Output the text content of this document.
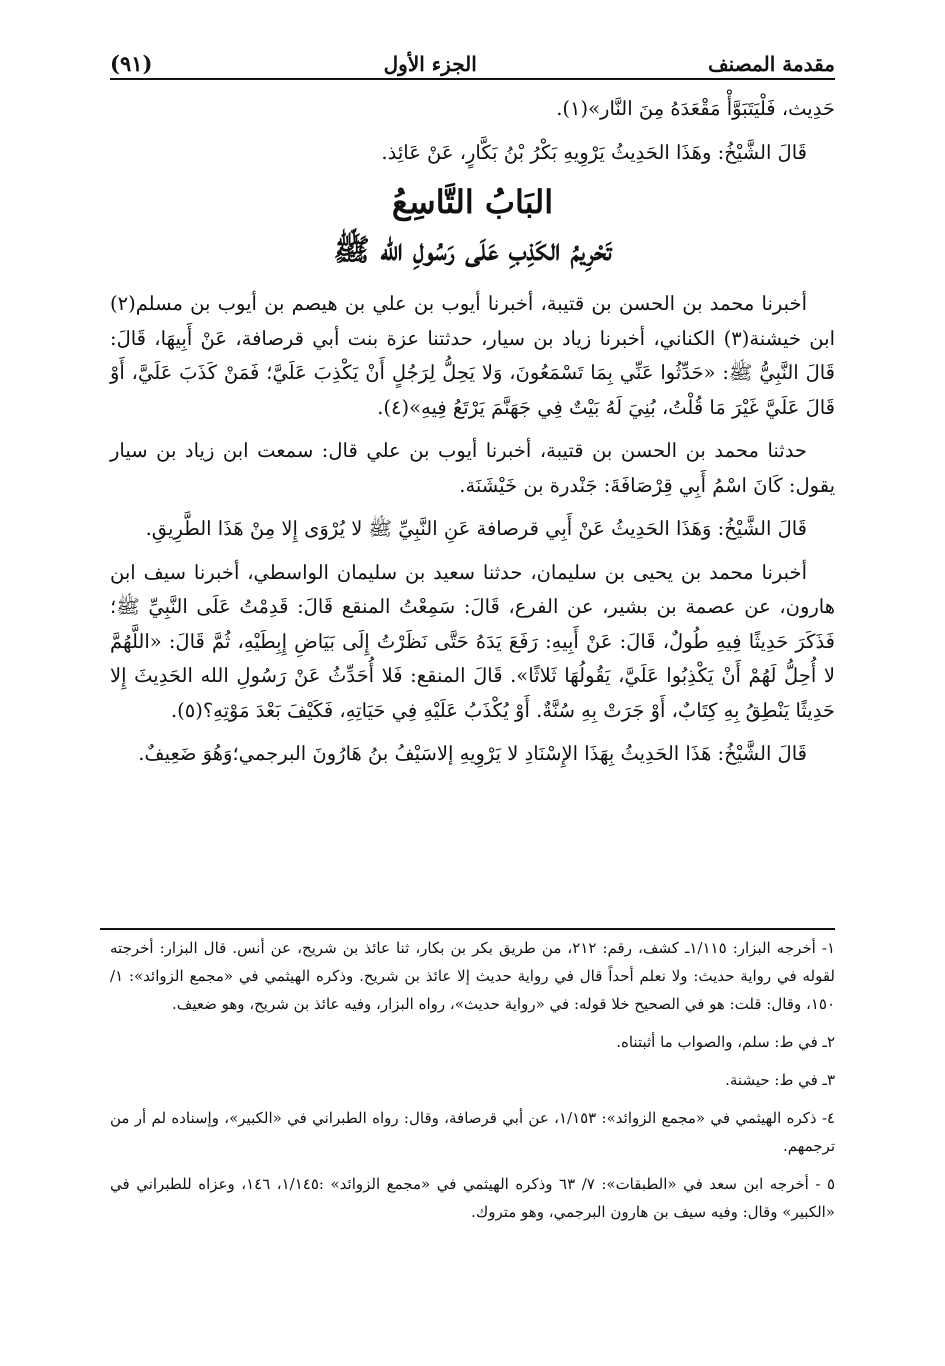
مقدمة المصنف
الجزء الأول
(٩١)

حَدِيث، فَلْيَتَبَوَّأْ مَقْعَدَهُ مِنَ النَّار»(١).

قَالَ الشَّيْخُ: وهَذَا الحَدِيثُ يَرْوِيهِ بَكْرُ بْنُ بَكَّارٍ، عَنْ عَائِذ.

البَابُ التَّاسِعُ
تَحْرِيمُ الكَذِبِ عَلَى رَسُولِ الله ﷺ

أخبرنا محمد بن الحسن بن قتيبة، أخبرنا أيوب بن علي بن هيصم بن أيوب بن مسلم(٢) ابن خيشنة(٣) الكناني، أخبرنا زياد بن سيار، حدثتنا عزة بنت أبي قرصافة، عَنْ أَبِيهَا، قَالَ: قَالَ النَّبِيُّ ﷺ: «حَدِّثُوا عَنِّي بِمَا تَسْمَعُونَ، وَلا يَحِلُّ لِرَجُلٍ أَنْ يَكْذِبَ عَلَيَّ؛ فَمَنْ كَذَبَ عَلَيَّ، أَوْ قَالَ عَلَيَّ غَيْرَ مَا قُلْتُ، بُنِيَ لَهُ بَيْتٌ فِي جَهَنَّمَ يَرْتَعُ فِيهِ»(٤).

حدثنا محمد بن الحسن بن قتيبة، أخبرنا أيوب بن علي قال: سمعت ابن زياد بن سيار يقول: كَانَ اسْمُ أَبِي قِرْصَافَةَ: جَنْدرة بن خَيْشَنَة.

قَالَ الشَّيْخُ: وَهَذَا الحَدِيثُ عَنْ أَبِي قرصافة عَنِ النَّبِيِّ ﷺ لا يُرْوَى إِلا مِنْ هَذَا الطَّرِيقِ.

أخبرنا محمد بن يحيى بن سليمان، حدثنا سعيد بن سليمان الواسطي، أخبرنا سيف ابن هارون، عن عصمة بن بشير، عن الفرع، قَالَ: سَمِعْتُ المنقع قَالَ: قَدِمْتُ عَلَى النَّبِيِّ ﷺ؛ فَذَكَرَ حَدِيثًا فِيهِ طُولٌ، قَالَ: عَنْ أَبِيهِ: رَفَعَ يَدَهُ حَتَّى نَظَرْتُ إِلَى بَيَاضِ إِبِطَيْهِ، ثُمَّ قَالَ: «اللَّهُمَّ لا أُحِلُّ لَهُمْ أَنْ يَكْذِبُوا عَلَيَّ، يَقُولُهَا ثَلاثًا». قَالَ المنقع: فَلا أُحَدِّثُ عَنْ رَسُولِ الله الحَدِيثَ إِلا حَدِيثًا يَنْطِقُ بِهِ كِتَابٌ، أَوْ جَرَتْ بِهِ سُنَّةٌ. أَوْ يُكْذَبُ عَلَيْهِ فِي حَيَاتِهِ، فَكَيْفَ بَعْدَ مَوْتِهِ؟(٥).

قَالَ الشَّيْخُ: هَذَا الحَدِيثُ بِهَذَا الإِسْنَادِ لا يَرْوِيهِ إلاسَيْفُ بنُ هَارُونَ البرجمي؛وَهُوَ ضَعِيفٌ.

١- أخرجه البزار: ١/١١٥ـ كشف، رقم: ٢١٢، من طريق بكر بن بكار، ثنا عائذ بن شريح، عن أنس. قال البزار: أخرجته لقوله في رواية حديث: ولا نعلم أحداً قال في رواية حديث إلا عائذ بن شريح. وذكره الهيثمي في «مجمع الزوائد»: ١/ ١٥٠، وقال: قلت: هو في الصحيح خلا قوله: في «رواية حديث»، رواه البزار، وفيه عائذ بن شريح، وهو ضعيف.

٢ـ في ط: سلم، والصواب ما أثبتناه.

٣ـ في ط: حيشنة.

٤- ذكره الهيثمي في «مجمع الزوائد»: ١/١٥٣، عن أبي قرصافة، وقال: رواه الطبراني في «الكبير»، وإسناده لم أر من ترجمهم.

٥ - أخرجه ابن سعد في «الطبقات»: ٧/ ٦٣ وذكره الهيثمي في «مجمع الزوائد» :١/١٤٥، ١٤٦، وعزاه للطبراني في «الكبير» وقال: وفيه سيف بن هارون البرجمي، وهو متروك.
